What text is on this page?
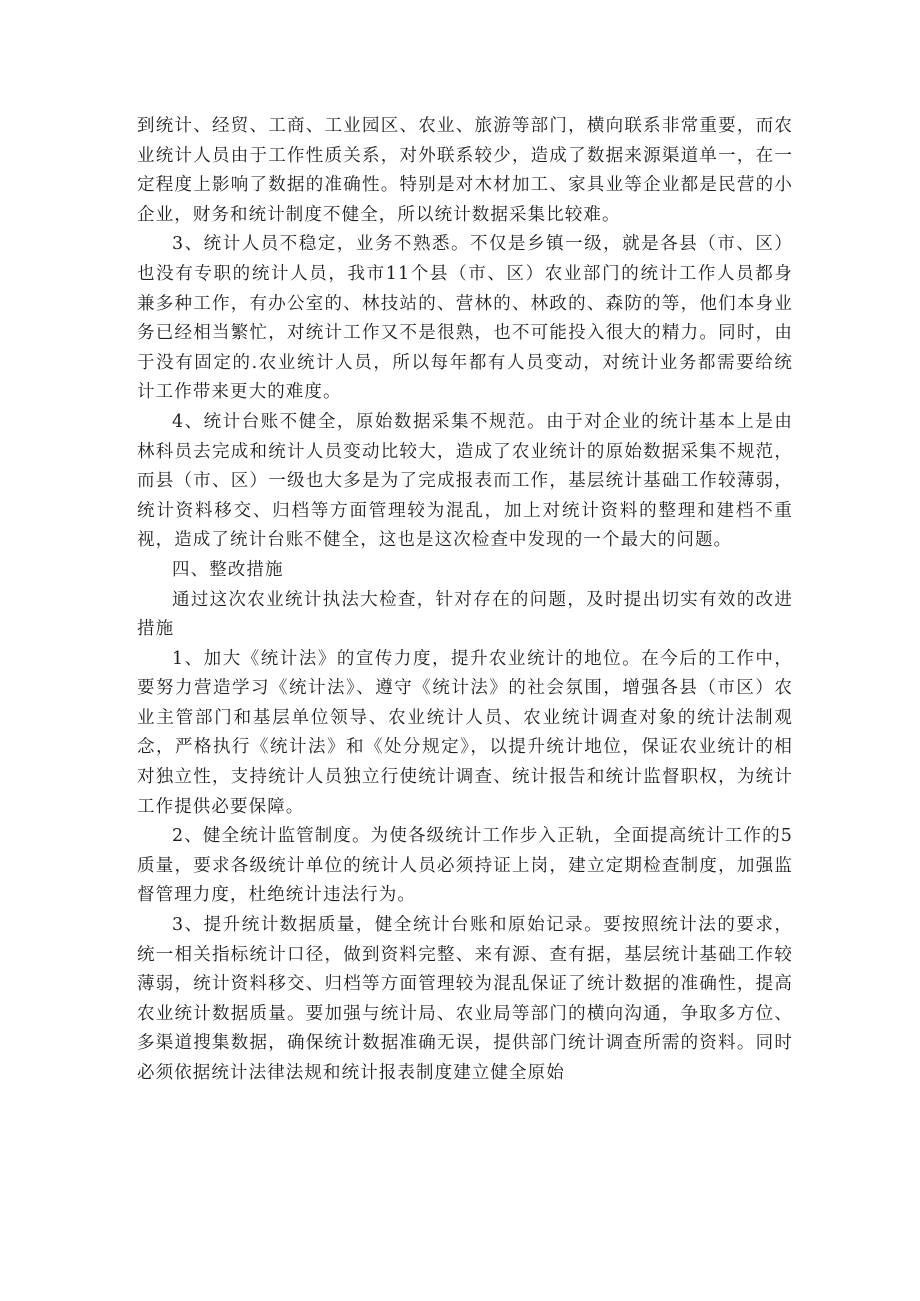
到统计、经贸、工商、工业园区、农业、旅游等部门，横向联系非常重要，而农业统计人员由于工作性质关系，对外联系较少，造成了数据来源渠道单一，在一定程度上影响了数据的准确性。特别是对木材加工、家具业等企业都是民营的小企业，财务和统计制度不健全，所以统计数据采集比较难。

3、统计人员不稳定，业务不熟悉。不仅是乡镇一级，就是各县（市、区）也没有专职的统计人员，我市11个县（市、区）农业部门的统计工作人员都身兼多种工作，有办公室的、林技站的、营林的、林政的、森防的等，他们本身业务已经相当繁忙，对统计工作又不是很熟，也不可能投入很大的精力。同时，由于没有固定的.农业统计人员，所以每年都有人员变动，对统计业务都需要给统计工作带来更大的难度。

4、统计台账不健全，原始数据采集不规范。由于对企业的统计基本上是由林科员去完成和统计人员变动比较大，造成了农业统计的原始数据采集不规范，而县（市、区）一级也大多是为了完成报表而工作，基层统计基础工作较薄弱，统计资料移交、归档等方面管理较为混乱，加上对统计资料的整理和建档不重视，造成了统计台账不健全，这也是这次检查中发现的一个最大的问题。

四、整改措施

通过这次农业统计执法大检查，针对存在的问题，及时提出切实有效的改进措施

1、加大《统计法》的宣传力度，提升农业统计的地位。在今后的工作中，要努力营造学习《统计法》、遵守《统计法》的社会氛围，增强各县（市区）农业主管部门和基层单位领导、农业统计人员、农业统计调查对象的统计法制观念，严格执行《统计法》和《处分规定》，以提升统计地位，保证农业统计的相对独立性，支持统计人员独立行使统计调查、统计报告和统计监督职权，为统计工作提供必要保障。

2、健全统计监管制度。为使各级统计工作步入正轨，全面提高统计工作的5质量，要求各级统计单位的统计人员必须持证上岗，建立定期检查制度，加强监督管理力度，杜绝统计违法行为。

3、提升统计数据质量，健全统计台账和原始记录。要按照统计法的要求，统一相关指标统计口径，做到资料完整、来有源、查有据，基层统计基础工作较薄弱，统计资料移交、归档等方面管理较为混乱保证了统计数据的准确性，提高农业统计数据质量。要加强与统计局、农业局等部门的横向沟通，争取多方位、多渠道搜集数据，确保统计数据准确无误，提供部门统计调查所需的资料。同时必须依据统计法律法规和统计报表制度建立健全原始
